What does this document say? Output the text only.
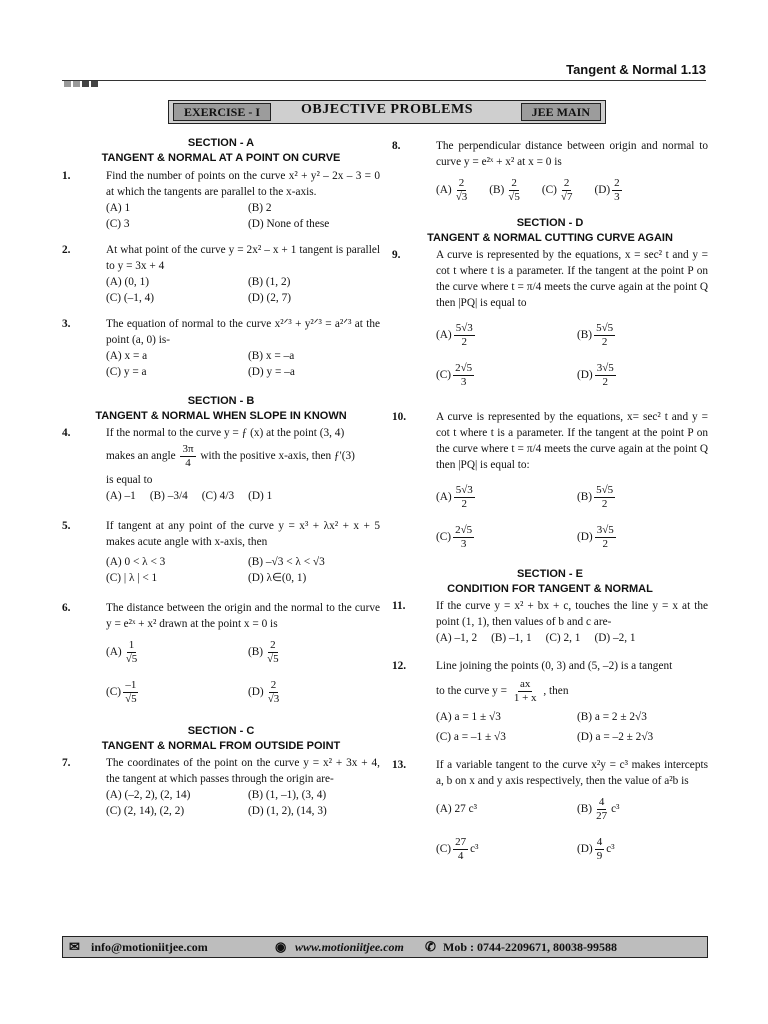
Tangent & Normal 1.13
OBJECTIVE PROBLEMS
EXERCISE - I	JEE MAIN
SECTION - A
TANGENT & NORMAL AT A POINT ON CURVE
1.	Find the number of points on the curve x² + y² – 2x – 3 = 0 at which the tangents are parallel to the x-axis.
(A) 1	(B) 2
(C) 3	(D) None of these
2.	At what point of the curve y = 2x² – x + 1 tangent is parallel to y = 3x + 4
(A) (0, 1)	(B) (1, 2)
(C) (–1, 4)	(D) (2, 7)
3.	The equation of normal to the curve x²ᐟ³ + y²ᐟ³ = a²ᐟ³ at the point (a, 0) is-
(A) x = a	(B) x = –a
(C) y = a	(D) y = –a
SECTION - B
TANGENT & NORMAL WHEN SLOPE IN KNOWN
4.	If the normal to the curve y = ƒ (x) at the point (3, 4)
makes an angle $\frac{3\pi}{4}$ with the positive x-axis, then ƒ'(3)
is equal to
(A) –1 (B) –3/4 (C) 4/3 (D) 1
5.	If tangent at any point of the curve y = x³ + λx² + x + 5 makes acute angle with x-axis, then
(A) 0 < λ < 3	(B) –√3 < λ < √3
(C) | λ | < 1	(D) λ∈(0, 1)
6.	The distance between the origin and the normal to the curve y = e²ˣ + x² drawn at the point x = 0 is
$(A) \frac{1}{√5}$	$(B) \frac{2}{√5}$
$(C) \frac{-1}{√5}$	$(D) \frac{2}{√3}$
SECTION - C
TANGENT & NORMAL FROM OUTSIDE POINT
7.	The coordinates of the point on the curve y = x² + 3x + 4, the tangent at which passes through the origin are-
(A) (–2, 2), (2, 14)	(B) (1, –1), (3, 4)
(C) (2, 14), (2, 2)	(D) (1, 2), (14, 3)
8.	The perpendicular distance between origin and normal to curve y = e²ˣ + x² at x = 0 is
$(A) \frac{2}{√3} (B) \frac{2}{√5} (C) \frac{2}{√7} (D) \frac{2}{3}$
SECTION - D
TANGENT & NORMAL CUTTING CURVE AGAIN
9.	A curve is represented by the equations, x = sec² t and y = cot t where t is a parameter. If the tangent at the point P on the curve where t = π/4 meets the curve again at the point Q then |PQ| is equal to
$(A) \frac{5√3}{2}$	$(B) \frac{5√5}{2}$
$(C) \frac{2√5}{3}$	$(D) \frac{3√5}{2}$
10.	A curve is represented by the equations, x= sec² t and y = cot t where t is a parameter. If the tangent at the point P on the curve where t = π/4 meets the curve again at the point Q then |PQ| is equal to:
$(A) \frac{5√3}{2}$	$(B) \frac{5√5}{2}$
$(C) \frac{2√5}{3}$	$(D) \frac{3√5}{2}$
SECTION - E
CONDITION FOR TANGENT & NORMAL
11.	If the curve y = x² + bx + c, touches the line y = x at the point (1, 1), then values of b and c are-
(A) –1, 2 (B) –1, 1 (C) 2, 1 (D) –2, 1
12.	Line joining the points (0, 3) and (5, –2) is a tangent
to the curve $y = \frac{ax}{1 + x}$ , then
(A) a = 1 ± √3	(B) a = 2 ± 2√3
(C) a = –1 ± √3	(D) a = –2 ± 2√3
13.	If a variable tangent to the curve x²y = c³ makes intercepts a, b on x and y axis respectively, then the value of a²b is
(A) 27 c³	$(B) \frac{4}{27} c^3$
$(C) \frac{27}{4} c^3$	$(D) \frac{4}{9} c^3$
✉ info@motioniitjee.com	◉ www.motioniitjee.com ✆ Mob : 0744-2209671, 80038-99588
